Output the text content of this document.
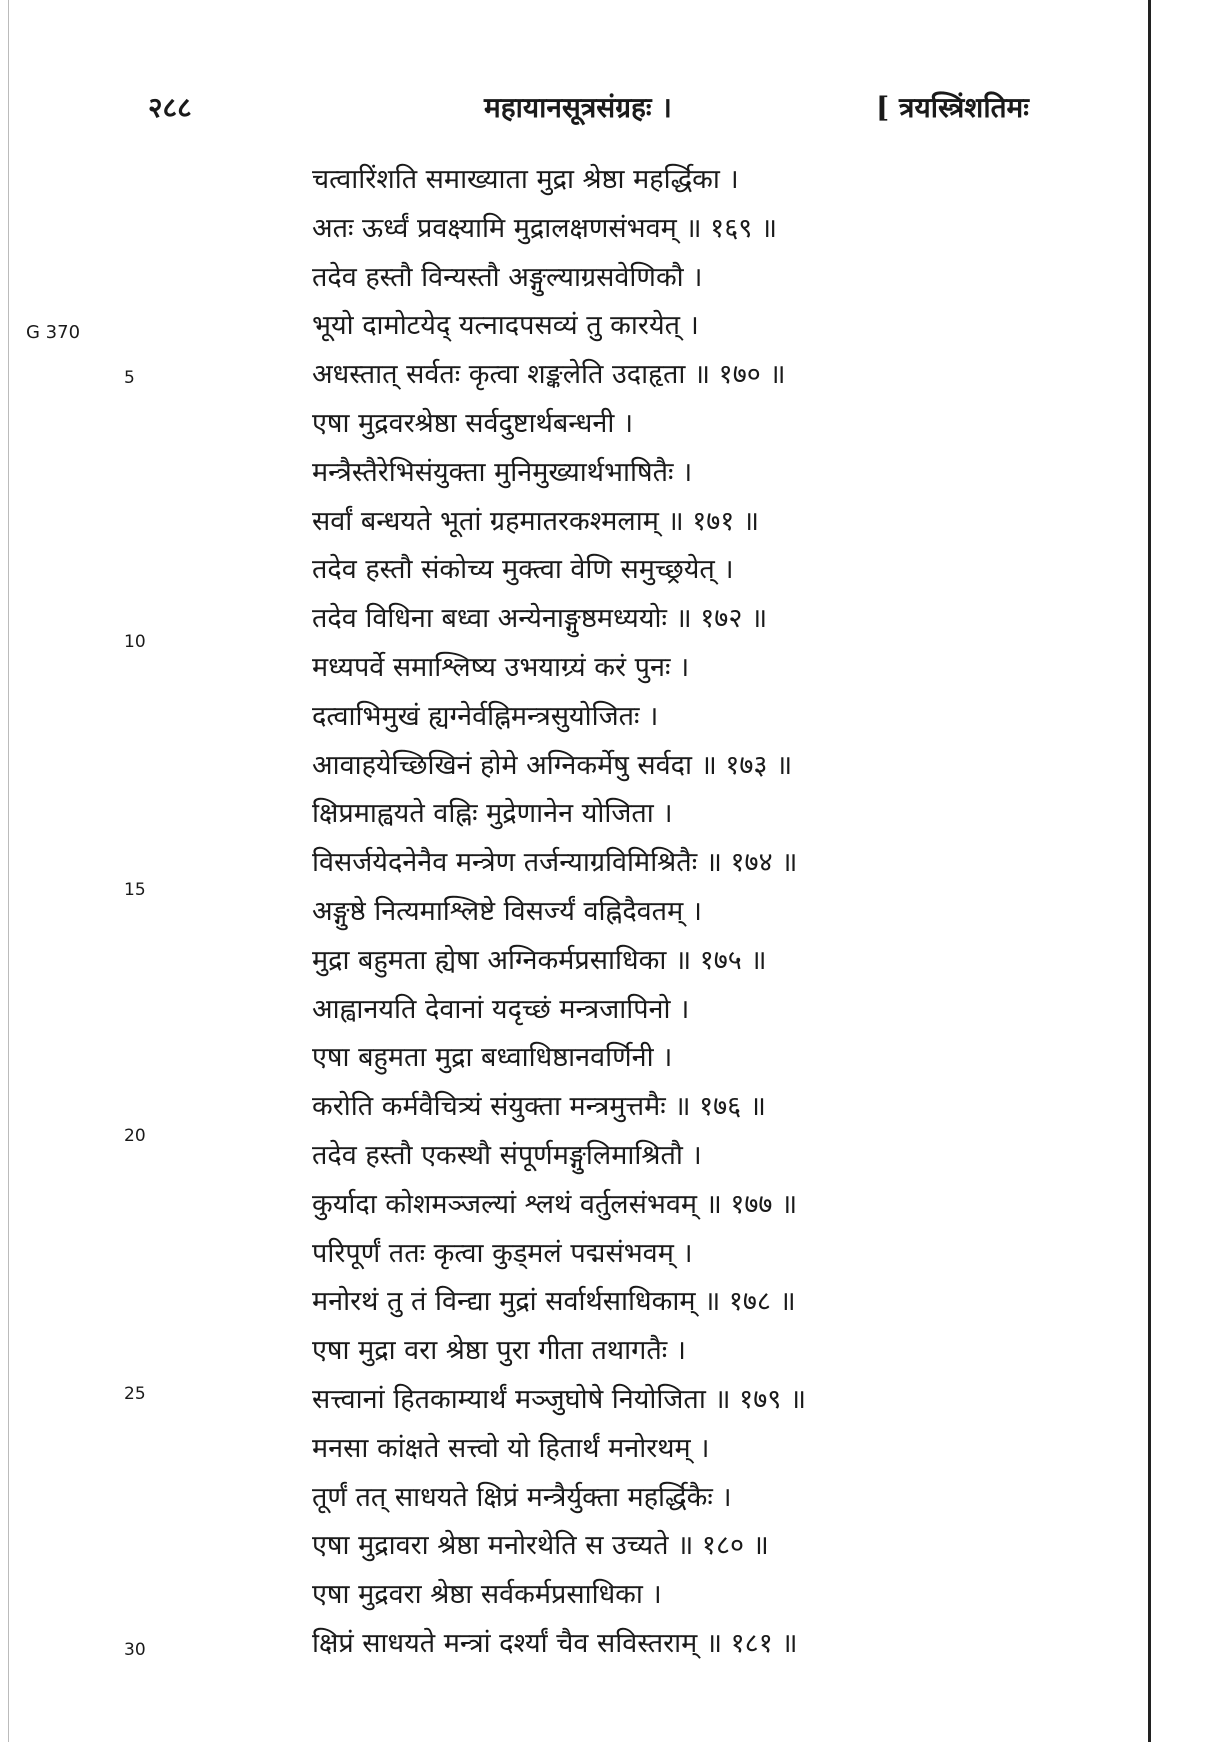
२८८	महायानसूत्रसंग्रहः ।	[ त्रयस्त्रिंशतिमः
G 370
5
10
15
20
25
30
चत्वारिंशति समाख्याता मुद्रा श्रेष्ठा महर्द्धिका ।
अतः ऊर्ध्वं प्रवक्ष्यामि मुद्रालक्षणसंभवम् ॥ १६९ ॥
तदेव हस्तौ विन्यस्तौ अङ्गुल्याग्रसवेणिकौ ।
भूयो दामोटयेद् यत्नादपसव्यं तु कारयेत् ।
अधस्तात् सर्वतः कृत्वा शङ्कलेति उदाहृता ॥ १७० ॥
एषा मुद्रवरश्रेष्ठा सर्वदुष्टार्थबन्धनी ।
मन्त्रैस्तैरेभिसंयुक्ता मुनिमुख्यार्थभाषितैः ।
सर्वां बन्धयते भूतां ग्रहमातरकश्मलाम् ॥ १७१ ॥
तदेव हस्तौ संकोच्य मुक्त्वा वेणि समुच्छ्रयेत् ।
तदेव विधिना बध्वा अन्येनाङ्गुष्ठमध्ययोः ॥ १७२ ॥
मध्यपर्वे समाश्लिष्य उभयाग्र्यं करं पुनः ।
दत्वाभिमुखं ह्यग्नेर्वह्निमन्त्रसुयोजितः ।
आवाहयेच्छिखिनं होमे अग्निकर्मेषु सर्वदा ॥ १७३ ॥
क्षिप्रमाह्वयते वह्निः मुद्रेणानेन योजिता ।
विसर्जयेदनेनैव मन्त्रेण तर्जन्याग्रविमिश्रितैः ॥ १७४ ॥
अङ्गुष्ठे नित्यमाश्लिष्टे विसर्ज्यं वह्निदैवतम् ।
मुद्रा बहुमता ह्येषा अग्निकर्मप्रसाधिका ॥ १७५ ॥
आह्वानयति देवानां यदृच्छं मन्त्रजापिनो ।
एषा बहुमता मुद्रा बध्वाधिष्ठानवर्णिनी ।
करोति कर्मवैचित्र्यं संयुक्ता मन्त्रमुत्तमैः ॥ १७६ ॥
तदेव हस्तौ एकस्थौ संपूर्णमङ्गुलिमाश्रितौ ।
कुर्यादा कोशमञ्जल्यां श्लथं वर्तुलसंभवम् ॥ १७७ ॥
परिपूर्णं ततः कृत्वा कुड्मलं पद्मसंभवम् ।
मनोरथं तु तं विन्द्या मुद्रां सर्वार्थसाधिकाम् ॥ १७८ ॥
एषा मुद्रा वरा श्रेष्ठा पुरा गीता तथागतैः ।
सत्त्वानां हितकाम्यार्थं मञ्जुघोषे नियोजिता ॥ १७९ ॥
मनसा कांक्षते सत्त्वो यो हितार्थं मनोरथम् ।
तूर्णं तत् साधयते क्षिप्रं मन्त्रैर्युक्ता महर्द्धिकैः ।
एषा मुद्रावरा श्रेष्ठा मनोरथेति स उच्यते ॥ १८० ॥
एषा मुद्रवरा श्रेष्ठा सर्वकर्मप्रसाधिका ।
क्षिप्रं साधयते मन्त्रां दर्श्यां चैव सविस्तराम् ॥ १८१ ॥
